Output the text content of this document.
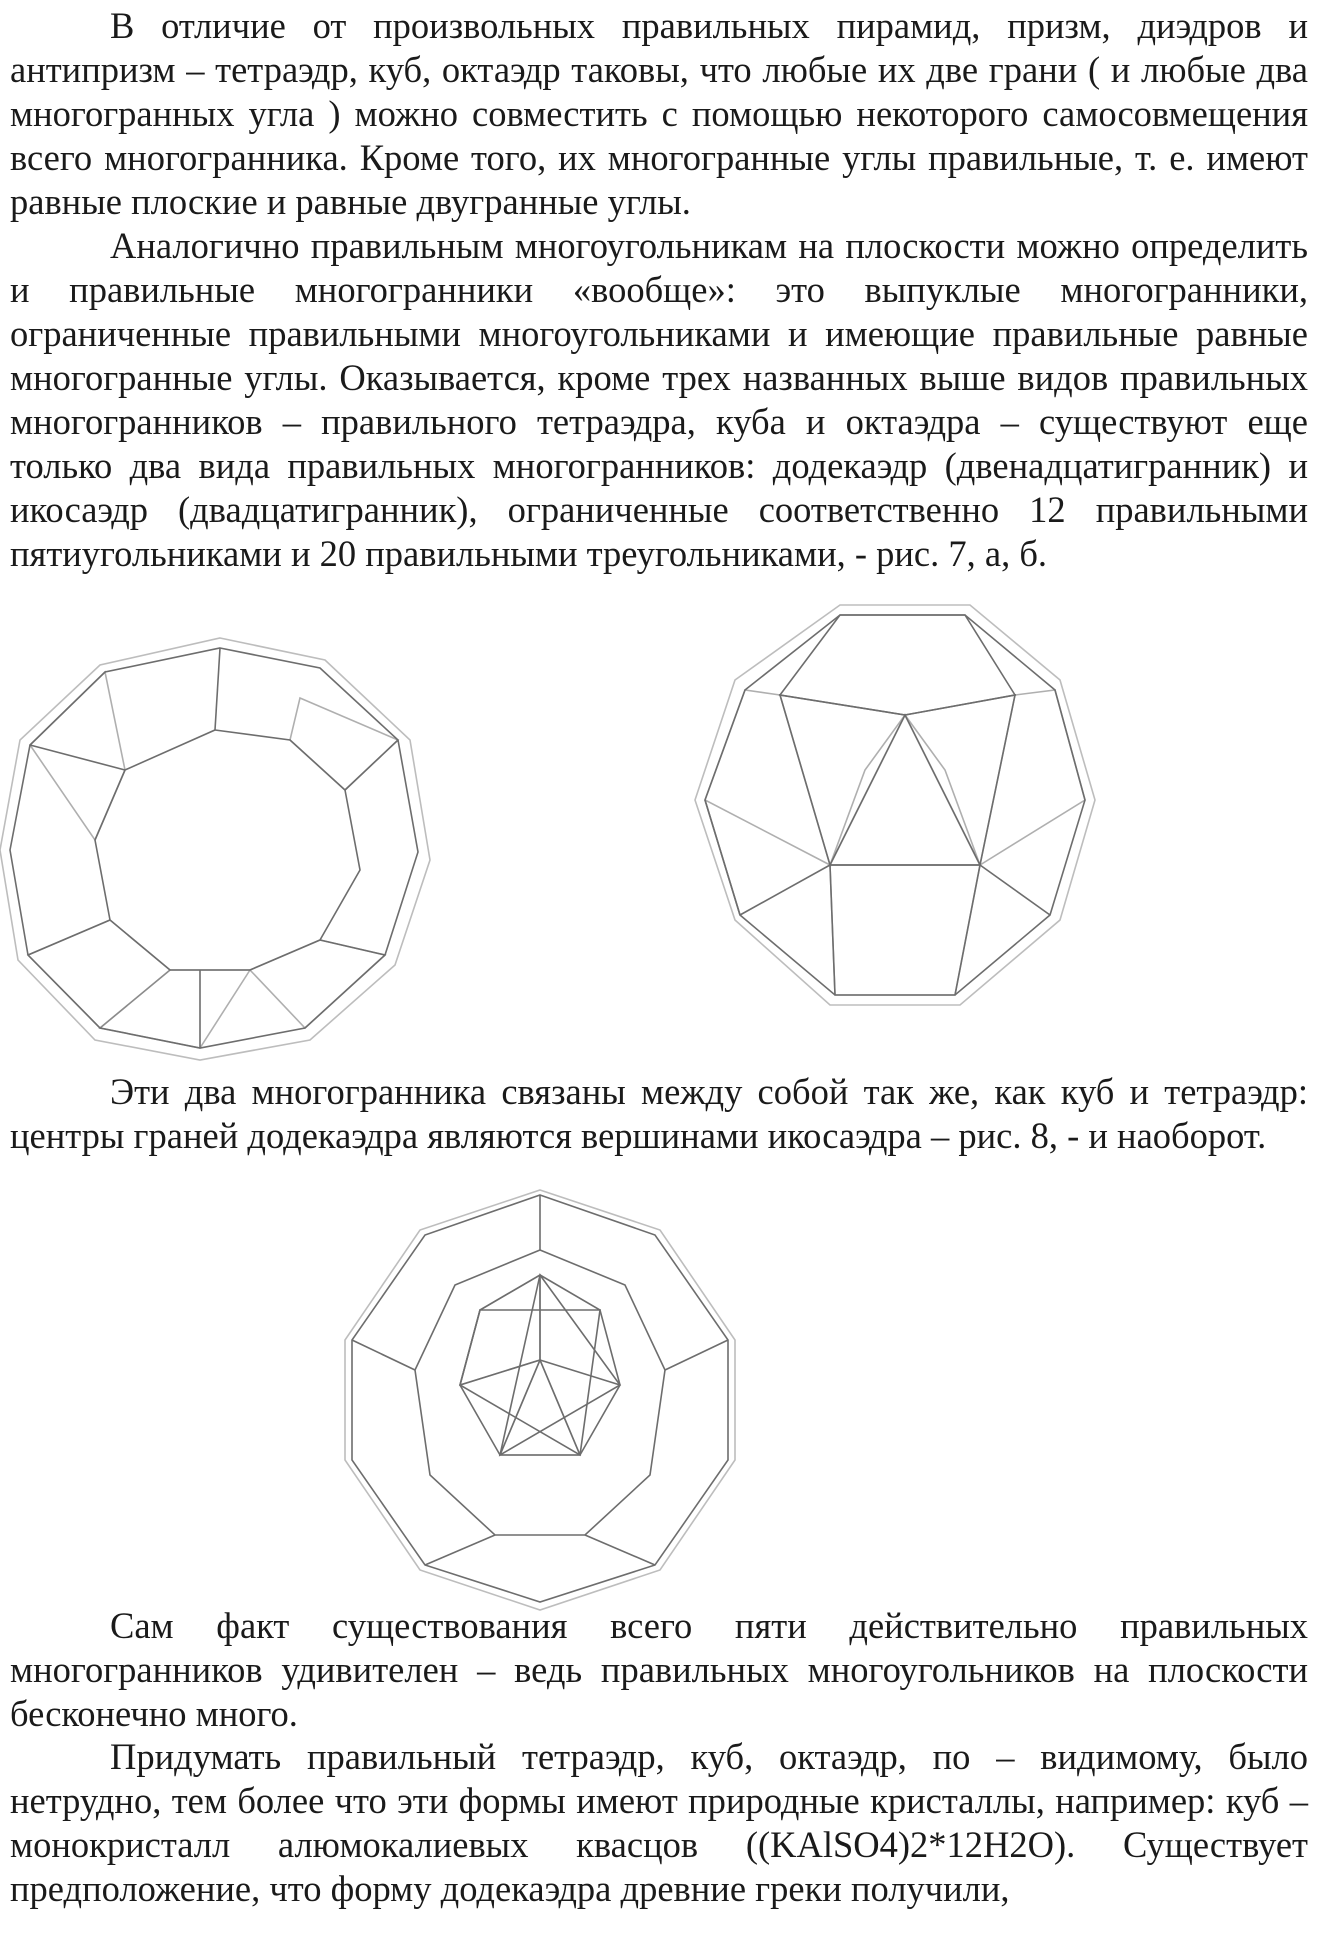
В отличие от произвольных правильных пирамид, призм, диэдров и антипризм – тетраэдр, куб, октаэдр таковы, что любые их две грани ( и любые два многогранных угла ) можно совместить с помощью некоторого самосовмещения всего многогранника. Кроме того, их многогранные углы правильные, т. е. имеют равные плоские и равные двугранные углы.

Аналогично правильным многоугольникам на плоскости можно определить и правильные многогранники «вообще»: это выпуклые многогранники, ограниченные правильными многоугольниками и имеющие правильные равные многогранные углы. Оказывается, кроме трех названных выше видов правильных многогранников – правильного тетраэдра, куба и октаэдра – существуют еще только два вида правильных многогранников: додекаэдр (двенадцатигранник) и икосаэдр (двадцатигранник), ограниченные соответственно 12 правильными пятиугольниками и 20 правильными треугольниками, - рис. 7, а, б.

Эти два многогранника связаны между собой так же, как куб и тетраэдр: центры граней додекаэдра являются вершинами икосаэдра – рис. 8, - и наоборот.

Сам факт существования всего пяти действительно правильных многогранников удивителен – ведь правильных многоугольников на плоскости бесконечно много.

Придумать правильный тетраэдр, куб, октаэдр, по – видимому, было нетрудно, тем более что эти формы имеют природные кристаллы, например: куб – монокристалл алюмокалиевых квасцов ((KAlSO4)2*12H2O). Существует предположение, что форму додекаэдра древние греки получили,
